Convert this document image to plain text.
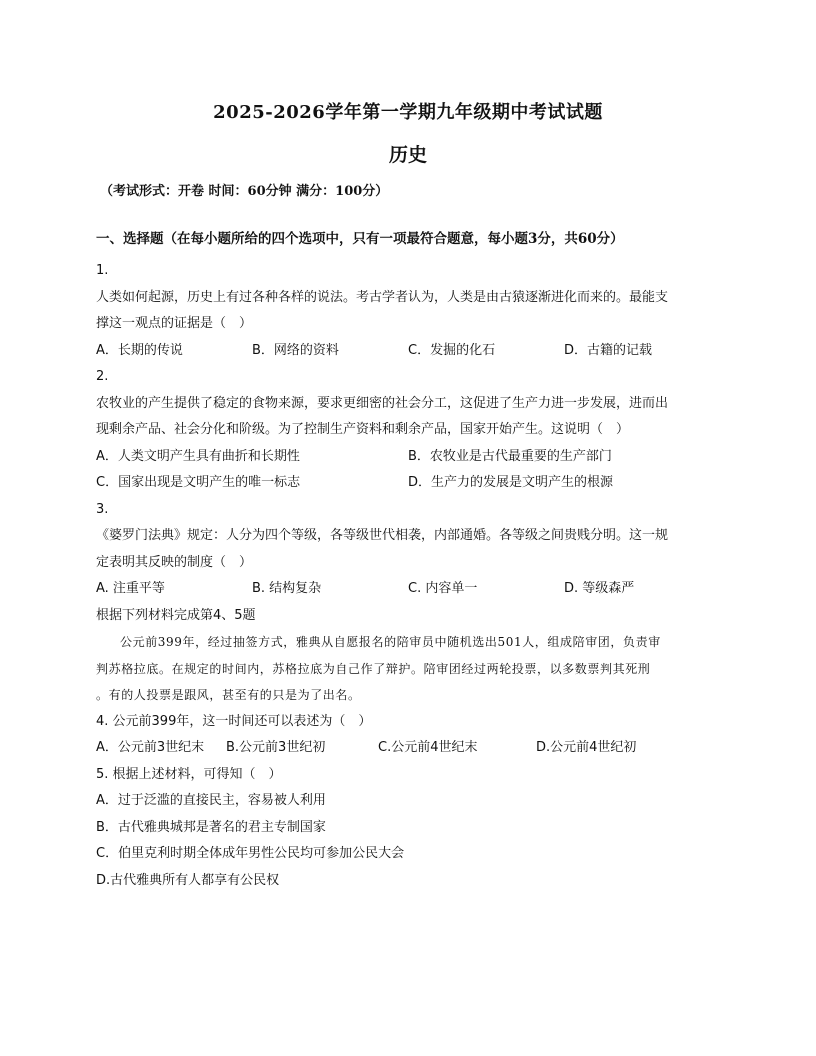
2025-2026学年第一学期九年级期中考试试题
历史
（考试形式：开卷 时间：60分钟 满分：100分）
一、选择题（在每小题所给的四个选项中，只有一项最符合题意，每小题3分，共60分）
1.
人类如何起源，历史上有过各种各样的说法。考古学者认为，人类是由古猿逐渐进化而来的。最能支
撑这一观点的证据是（　）
A．长期的传说	B．网络的资料	C．发掘的化石	D．古籍的记载
2.
农牧业的产生提供了稳定的食物来源，要求更细密的社会分工，这促进了生产力进一步发展，进而出
现剩余产品、社会分化和阶级。为了控制生产资料和剩余产品，国家开始产生。这说明（　）
A．人类文明产生具有曲折和长期性	B．农牧业是古代最重要的生产部门
C．国家出现是文明产生的唯一标志	D．生产力的发展是文明产生的根源
3.
《婆罗门法典》规定：人分为四个等级，各等级世代相袭，内部通婚。各等级之间贵贱分明。这一规
定表明其反映的制度（　）
A. 注重平等	B. 结构复杂	C. 内容单一	D. 等级森严
根据下列材料完成第4、5题
公元前399年，经过抽签方式，雅典从自愿报名的陪审员中随机选出501人，组成陪审团，负责审
判苏格拉底。在规定的时间内，苏格拉底为自己作了辩护。陪审团经过两轮投票，以多数票判其死刑
。有的人投票是跟风，甚至有的只是为了出名。
4. 公元前399年，这一时间还可以表述为（　）
A．公元前3世纪末	B.公元前3世纪初	C.公元前4世纪末	D.公元前4世纪初
5. 根据上述材料，可得知（　）
A．过于泛滥的直接民主，容易被人利用
B．古代雅典城邦是著名的君主专制国家
C．伯里克利时期全体成年男性公民均可参加公民大会
D.古代雅典所有人都享有公民权
